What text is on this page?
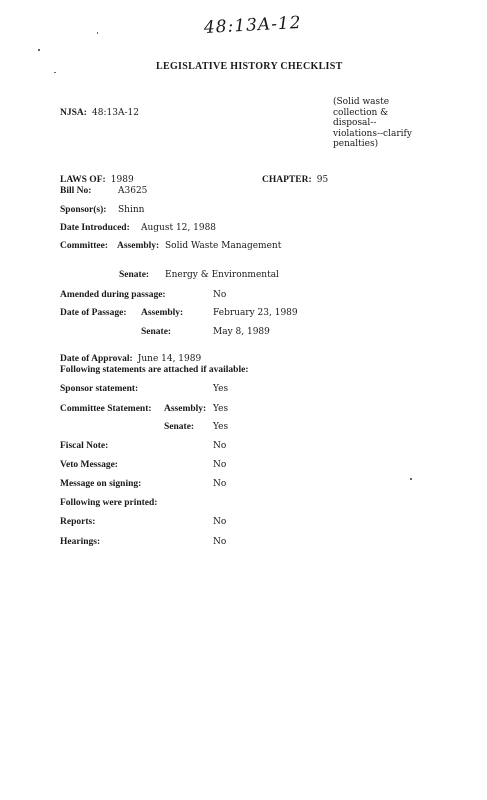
48:13A-12
LEGISLATIVE HISTORY CHECKLIST
NJSA: 48:13A-12
(Solid waste collection & disposal--violations--clarify penalties)
LAWS OF: 1989	CHAPTER: 95
Bill No:	A3625
Sponsor(s): Shinn
Date Introduced: August 12, 1988
Committee: Assembly: Solid Waste Management
Senate: Energy & Environmental
Amended during passage:	No
Date of Passage: Assembly:	February 23, 1989
Senate:	May 8, 1989
Date of Approval: June 14, 1989
Following statements are attached if available:
Sponsor statement:	Yes
Committee Statement: Assembly: Yes
Senate: Yes
Fiscal Note:	No
Veto Message:	No
Message on signing:	No
Following were printed:
Reports:	No
Hearings:	No
